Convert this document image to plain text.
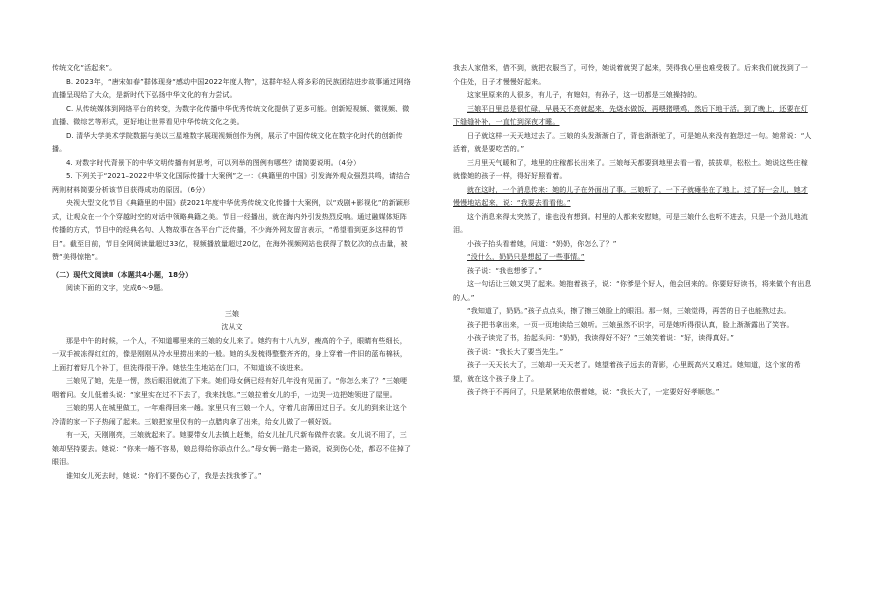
传统文化“活起来”。

B. 2023年，“唐宋如春”群体现身“感动中国2022年度人物”，这群年轻人将多彩的民族团结进步故事通过网络直播呈现给了大众，是新时代下弘扬中华文化的有力尝试。

C. 从传统媒体到网络平台的转变，为数字化传播中华优秀传统文化提供了更多可能。创新短视频、微视频、微直播、微综艺等形式，更好地让世界看见中华传统文化之美。

D. 清华大学美术学院数据与美以三星堆数字展现视频创作为例，展示了中国传统文化在数字化时代的创新传播。

4. 对数字时代背景下的中华文明传播有何思考，可以列举的图例有哪些？请简要说明。（4分）

5. 下列关于“2021–2022中华文化国际传播十大案例”之一：《典籍里的中国》引发海外观众强烈共鸣，请结合两则材料简要分析该节目获得成功的原因。（6分）

央视大型文化节目《典籍里的中国》获2021年度中华优秀传统文化传播十大案例，以“戏剧+影视化”的新颖形式，让观众在一个个穿越时空的对话中领略典籍之美。节目一经播出，就在海内外引发热烈反响。通过融媒体矩阵传播的方式，节目中的经典名句、人物故事在各平台广泛传播，不少海外网友留言表示，“希望看到更多这样的节目”。截至目前，节目全网阅读量超过33亿，视频播放量超过20亿，在海外视频网站也获得了数亿次的点击量，被赞“美得惊艳”。

（二）现代文阅读Ⅱ（本题共4小题，18分）

阅读下面的文字，完成6～9题。

三娘

沈从文

那是中午的时候，一个人，不知道哪里来的三娘的女儿来了。她约有十八九岁，瘦高的个子，眼睛有些细长，一双手被冻得红红的，像是刚刚从冷水里捞出来的一般。她的头发梳得整整齐齐的，身上穿着一件旧的蓝布棉袄，上面打着好几个补丁，但洗得很干净。她怯生生地站在门口，不知道该不该进来。

三娘见了她，先是一愣，然后眼泪就流了下来。她们母女俩已经有好几年没有见面了。“你怎么来了？”三娘哽咽着问。女儿低着头说：“家里实在过不下去了，我来找您。”三娘拉着女儿的手，一边哭一边把她领进了屋里。

三娘的男人在城里做工，一年难得回来一趟。家里只有三娘一个人，守着几亩薄田过日子。女儿的到来让这个冷清的家一下子热闹了起来。三娘把家里仅有的一点腊肉拿了出来，给女儿做了一顿好饭。

有一天，天刚刚亮，三娘就起来了。她要带女儿去镇上赶集，给女儿扯几尺新布做件衣裳。女儿说不用了，三娘却坚持要去。她说：“你来一趟不容易，娘总得给你添点什么。”母女俩一路走一路说，说到伤心处，都忍不住掉了眼泪。

谁知女儿死去时，她说：“你们不要伤心了，我是去找我爹了。”

我去人家借米，借不到，就把衣服当了，可怜，她说着就哭了起来，哭得我心里也难受极了。后来我们就找到了一个住处，日子才慢慢好起来。

这家里原来的人很多，有儿子，有媳妇，有孙子，这一切都是三娘操持的。

三娘平日里总是很忙碌，早晨天不亮就起来，先烧水做饭，再喂猪喂鸡，然后下地干活。到了晚上，还要在灯下缝缝补补，一直忙到深夜才睡。

日子就这样一天天地过去了。三娘的头发渐渐白了，背也渐渐驼了，可是她从来没有抱怨过一句。她常说：“人活着，就是要吃苦的。”

三月里天气暖和了，地里的庄稼都长出来了。三娘每天都要到地里去看一看，拔拔草，松松土。她说这些庄稼就像她的孩子一样，得好好照看着。

就在这时，一个消息传来：她的儿子在外面出了事。三娘听了，一下子就瘫坐在了地上。过了好一会儿，她才慢慢地站起来，说：“我要去看看他。”

这个消息来得太突然了，谁也没有想到。村里的人都来安慰她，可是三娘什么也听不进去，只是一个劲儿地流泪。

小孩子抬头看着她，问道：“奶奶，你怎么了？”

“没什么，奶奶只是想起了一些事情。”

孩子说：“我也想爹了。”

这一句话让三娘又哭了起来。她抱着孩子，说：“你爹是个好人，他会回来的。你要好好读书，将来做个有出息的人。”

“我知道了，奶奶。”孩子点点头，擦了擦三娘脸上的眼泪。那一刻，三娘觉得，再苦的日子也能熬过去。

孩子把书拿出来，一页一页地读给三娘听。三娘虽然不识字，可是她听得很认真，脸上渐渐露出了笑容。

小孩子读完了书，抬起头问：“奶奶，我读得好不好？”三娘笑着说：“好，读得真好。”

孩子说：“我长大了要当先生。”

孩子一天天长大了，三娘却一天天老了。她望着孩子远去的背影，心里既高兴又难过。她知道，这个家的希望，就在这个孩子身上了。

孩子终于不再问了，只是紧紧地依偎着她，说：“我长大了，一定要好好孝顺您。”
